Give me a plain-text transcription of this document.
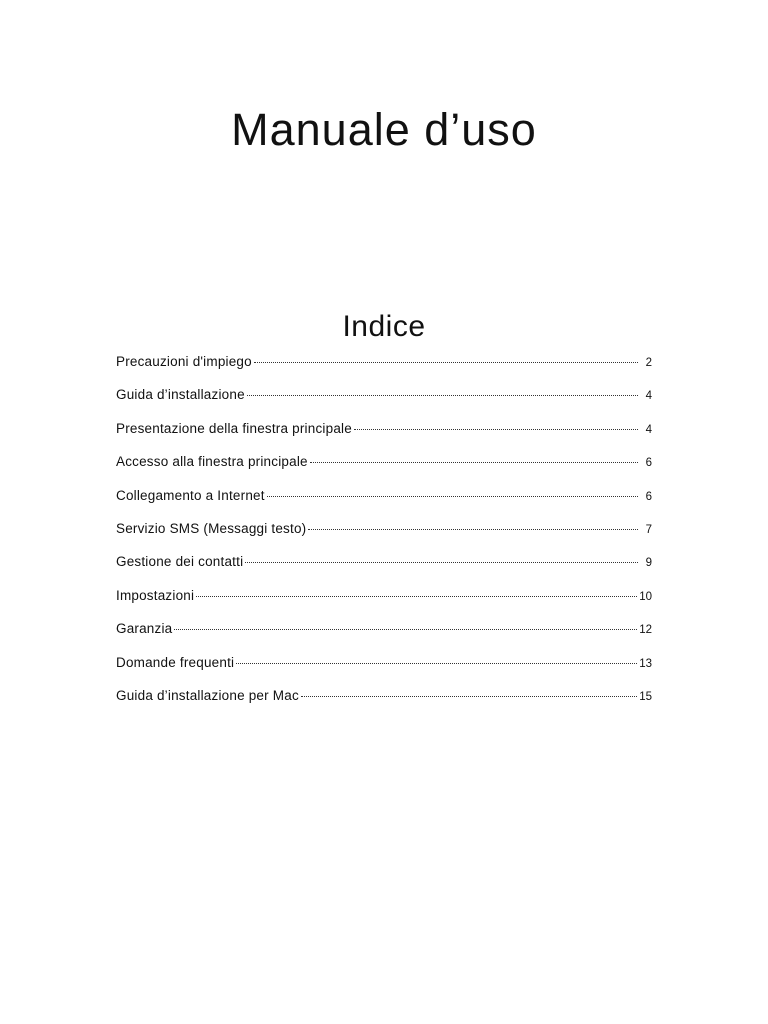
Manuale d’uso
Indice
Precauzioni d'impiego	2
Guida d’installazione	4
Presentazione della finestra principale	4
Accesso alla finestra principale	6
Collegamento a Internet	6
Servizio SMS (Messaggi testo)	7
Gestione dei contatti	9
Impostazioni	10
Garanzia	12
Domande frequenti	13
Guida d’installazione per Mac	15
